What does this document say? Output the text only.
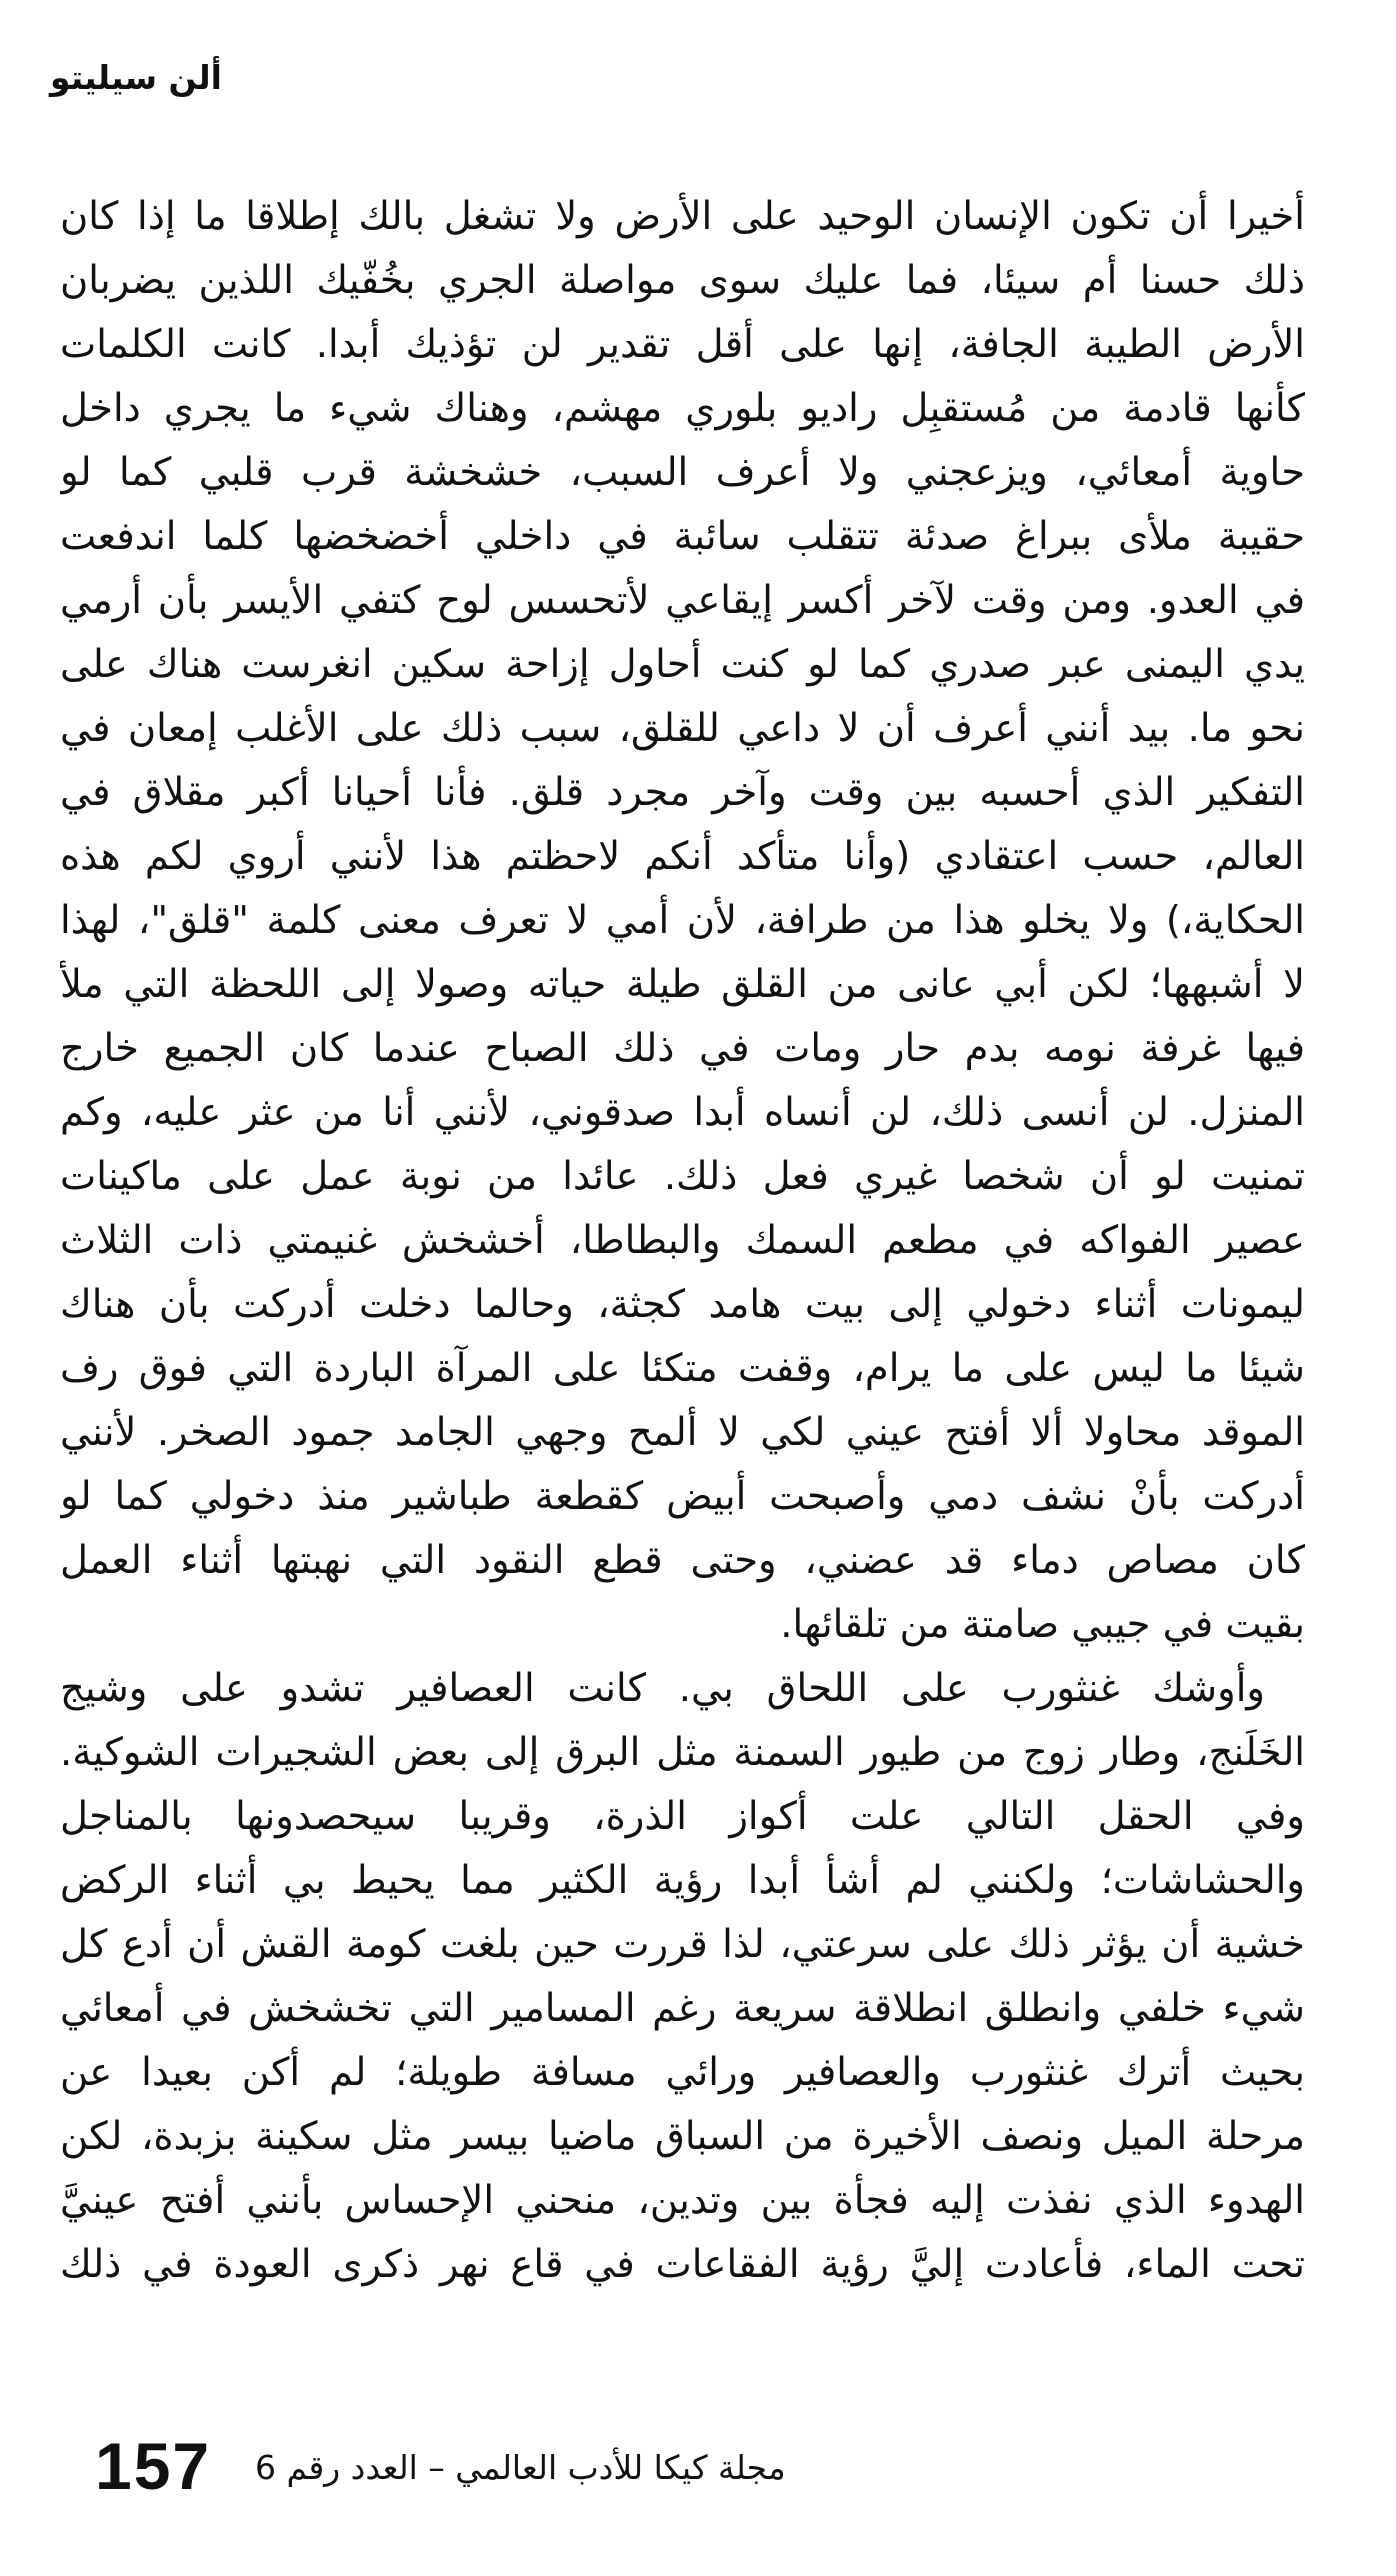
ألن سيليتو
أخيرا أن تكون الإنسان الوحيد على الأرض ولا تشغل بالك إطلاقا ما إذا كان
ذلك حسنا أم سيئا، فما عليك سوى مواصلة الجري بخُفّيك اللذين يضربان
الأرض الطيبة الجافة، إنها على أقل تقدير لن تؤذيك أبدا. كانت الكلمات
كأنها قادمة من مُستقبِل راديو بلوري مهشم، وهناك شيء ما يجري داخل
حاوية أمعائي، ويزعجني ولا أعرف السبب، خشخشة قرب قلبي كما لو
حقيبة ملأى ببراغ صدئة تتقلب سائبة في داخلي أخضخضها كلما اندفعت
في العدو. ومن وقت لآخر أكسر إيقاعي لأتحسس لوح كتفي الأيسر بأن أرمي
يدي اليمنى عبر صدري كما لو كنت أحاول إزاحة سكين انغرست هناك على
نحو ما. بيد أنني أعرف أن لا داعي للقلق، سبب ذلك على الأغلب إمعان في
التفكير الذي أحسبه بين وقت وآخر مجرد قلق. فأنا أحيانا أكبر مقلاق في
العالم، حسب اعتقادي (وأنا متأكد أنكم لاحظتم هذا لأنني أروي لكم هذه
الحكاية،) ولا يخلو هذا من طرافة، لأن أمي لا تعرف معنى كلمة "قلق"، لهذا
لا أشبهها؛ لكن أبي عانى من القلق طيلة حياته وصولا إلى اللحظة التي ملأ
فيها غرفة نومه بدم حار ومات في ذلك الصباح عندما كان الجميع خارج
المنزل. لن أنسى ذلك، لن أنساه أبدا صدقوني، لأنني أنا من عثر عليه، وكم
تمنيت لو أن شخصا غيري فعل ذلك. عائدا من نوبة عمل على ماكينات
عصير الفواكه في مطعم السمك والبطاطا، أخشخش غنيمتي ذات الثلاث
ليمونات أثناء دخولي إلى بيت هامد كجثة، وحالما دخلت أدركت بأن هناك
شيئا ما ليس على ما يرام، وقفت متكئا على المرآة الباردة التي فوق رف
الموقد محاولا ألا أفتح عيني لكي لا ألمح وجهي الجامد جمود الصخر. لأنني
أدركت بأنْ نشف دمي وأصبحت أبيض كقطعة طباشير منذ دخولي كما لو
كان مصاص دماء قد عضني، وحتى قطع النقود التي نهبتها أثناء العمل
بقيت في جيبي صامتة من تلقائها.
وأوشك غنثورب على اللحاق بي. كانت العصافير تشدو على وشيج
الخَلَنج، وطار زوج من طيور السمنة مثل البرق إلى بعض الشجيرات الشوكية.
وفي الحقل التالي علت أكواز الذرة، وقريبا سيحصدونها بالمناجل
والحشاشات؛ ولكنني لم أشأ أبدا رؤية الكثير مما يحيط بي أثناء الركض
خشية أن يؤثر ذلك على سرعتي، لذا قررت حين بلغت كومة القش أن أدع كل
شيء خلفي وانطلق انطلاقة سريعة رغم المسامير التي تخشخش في أمعائي
بحيث أترك غنثورب والعصافير ورائي مسافة طويلة؛ لم أكن بعيدا عن
مرحلة الميل ونصف الأخيرة من السباق ماضيا بيسر مثل سكينة بزبدة، لكن
الهدوء الذي نفذت إليه فجأة بين وتدين، منحني الإحساس بأنني أفتح عينيَّ
تحت الماء، فأعادت إليَّ رؤية الفقاعات في قاع نهر ذكرى العودة في ذلك
157 مجلة كيكا للأدب العالمي – العدد رقم 6
